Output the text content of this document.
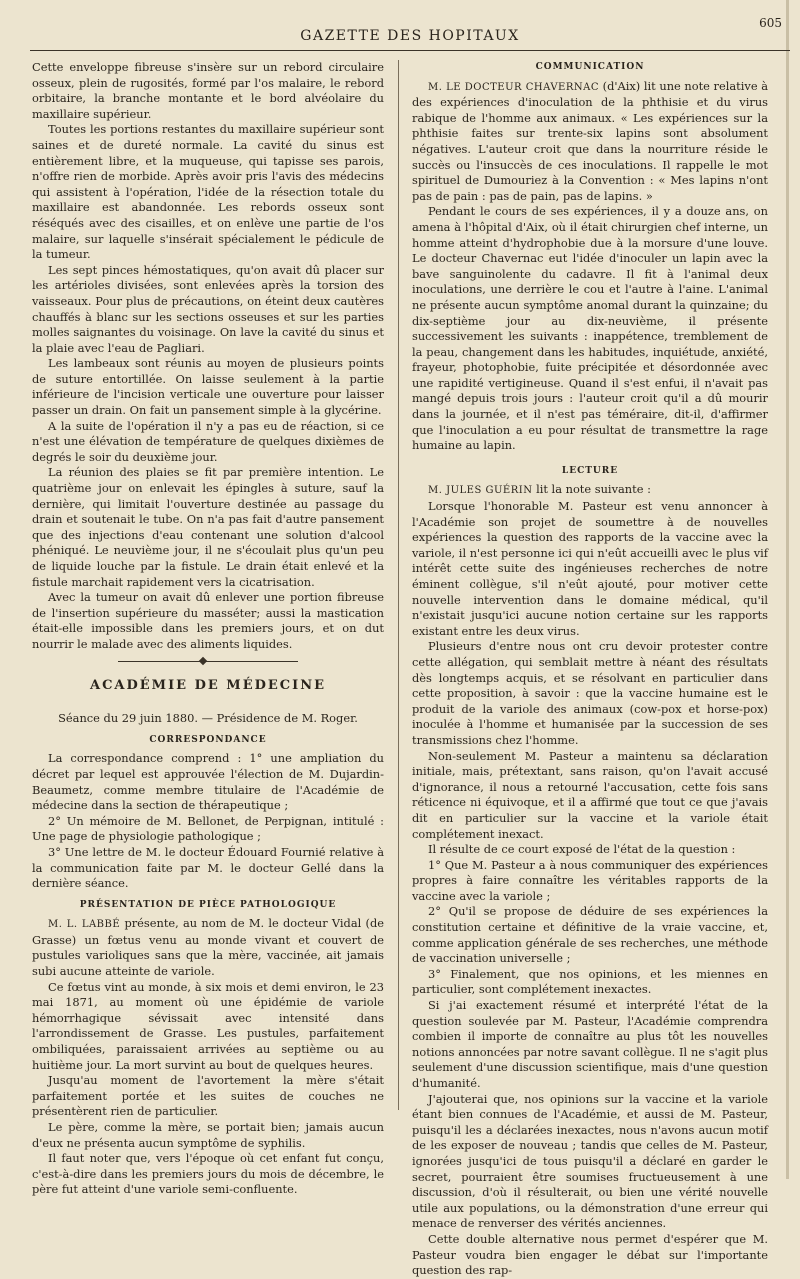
GAZETTE DES HOPITAUX
605

Cette enveloppe fibreuse s'insère sur un rebord circulaire osseux, plein de rugosités, formé par l'os malaire, le rebord orbitaire, la branche montante et le bord alvéolaire du maxillaire supérieur.

Toutes les portions restantes du maxillaire supérieur sont saines et de dureté normale. La cavité du sinus est entièrement libre, et la muqueuse, qui tapisse ses parois, n'offre rien de morbide. Après avoir pris l'avis des médecins qui assistent à l'opération, l'idée de la résection totale du maxillaire est abandonnée. Les rebords osseux sont réséqués avec des cisailles, et on enlève une partie de l'os malaire, sur laquelle s'insérait spécialement le pédicule de la tumeur.

Les sept pinces hémostatiques, qu'on avait dû placer sur les artérioles divisées, sont enlevées après la torsion des vaisseaux. Pour plus de précautions, on éteint deux cautères chauffés à blanc sur les sections osseuses et sur les parties molles saignantes du voisinage. On lave la cavité du sinus et la plaie avec l'eau de Pagliari.

Les lambeaux sont réunis au moyen de plusieurs points de suture entortillée. On laisse seulement à la partie inférieure de l'incision verticale une ouverture pour laisser passer un drain. On fait un pansement simple à la glycérine.

A la suite de l'opération il n'y a pas eu de réaction, si ce n'est une élévation de température de quelques dixièmes de degrés le soir du deuxième jour.

La réunion des plaies se fit par première intention. Le quatrième jour on enlevait les épingles à suture, sauf la dernière, qui limitait l'ouverture destinée au passage du drain et soutenait le tube. On n'a pas fait d'autre pansement que des injections d'eau contenant une solution d'alcool phéniqué. Le neuvième jour, il ne s'écoulait plus qu'un peu de liquide louche par la fistule. Le drain était enlevé et la fistule marchait rapidement vers la cicatrisation.

Avec la tumeur on avait dû enlever une portion fibreuse de l'insertion supérieure du masséter; aussi la mastication était-elle impossible dans les premiers jours, et on dut nourrir le malade avec des aliments liquides.

ACADÉMIE DE MÉDECINE

Séance du 29 juin 1880. — Présidence de M. Roger.

CORRESPONDANCE

La correspondance comprend : 1° une ampliation du décret par lequel est approuvée l'élection de M. Dujardin-Beaumetz, comme membre titulaire de l'Académie de médecine dans la section de thérapeutique ;

2° Un mémoire de M. Bellonet, de Perpignan, intitulé : Une page de physiologie pathologique ;

3° Une lettre de M. le docteur Édouard Fournié relative à la communication faite par M. le docteur Gellé dans la dernière séance.

PRÉSENTATION DE PIÈCE PATHOLOGIQUE

M. L. LABBÉ présente, au nom de M. le docteur Vidal (de Grasse) un fœtus venu au monde vivant et couvert de pustules varioliques sans que la mère, vaccinée, ait jamais subi aucune atteinte de variole.

Ce fœtus vint au monde, à six mois et demi environ, le 23 mai 1871, au moment où une épidémie de variole hémorrhagique sévissait avec intensité dans l'arrondissement de Grasse. Les pustules, parfaitement ombiliquées, paraissaient arrivées au septième ou au huitième jour. La mort survint au bout de quelques heures.

Jusqu'au moment de l'avortement la mère s'était parfaitement portée et les suites de couches ne présentèrent rien de particulier.

Le père, comme la mère, se portait bien; jamais aucun d'eux ne présenta aucun symptôme de syphilis.

Il faut noter que, vers l'époque où cet enfant fut conçu, c'est-à-dire dans les premiers jours du mois de décembre, le père fut atteint d'une variole semi-confluente.

COMMUNICATION

M. LE DOCTEUR CHAVERNAC (d'Aix) lit une note relative à des expériences d'inoculation de la phthisie et du virus rabique de l'homme aux animaux. « Les expériences sur la phthisie faites sur trente-six lapins sont absolument négatives. L'auteur croit que dans la nourriture réside le succès ou l'insuccès de ces inoculations. Il rappelle le mot spirituel de Dumouriez à la Convention : « Mes lapins n'ont pas de pain : pas de pain, pas de lapins. »

Pendant le cours de ses expériences, il y a douze ans, on amena à l'hôpital d'Aix, où il était chirurgien chef interne, un homme atteint d'hydrophobie due à la morsure d'une louve. Le docteur Chavernac eut l'idée d'inoculer un lapin avec la bave sanguinolente du cadavre. Il fit à l'animal deux inoculations, une derrière le cou et l'autre à l'aine. L'animal ne présente aucun symptôme anomal durant la quinzaine; du dix-septième jour au dix-neuvième, il présente successivement les suivants : inappétence, tremblement de la peau, changement dans les habitudes, inquiétude, anxiété, frayeur, photophobie, fuite précipitée et désordonnée avec une rapidité vertigineuse. Quand il s'est enfui, il n'avait pas mangé depuis trois jours : l'auteur croit qu'il a dû mourir dans la journée, et il n'est pas téméraire, dit-il, d'affirmer que l'inoculation a eu pour résultat de transmettre la rage humaine au lapin.

LECTURE

M. JULES GUÉRIN lit la note suivante :

Lorsque l'honorable M. Pasteur est venu annoncer à l'Académie son projet de soumettre à de nouvelles expériences la question des rapports de la vaccine avec la variole, il n'est personne ici qui n'eût accueilli avec le plus vif intérêt cette suite des ingénieuses recherches de notre éminent collègue, s'il n'eût ajouté, pour motiver cette nouvelle intervention dans le domaine médical, qu'il n'existait jusqu'ici aucune notion certaine sur les rapports existant entre les deux virus.

Plusieurs d'entre nous ont cru devoir protester contre cette allégation, qui semblait mettre à néant des résultats dès longtemps acquis, et se résolvant en particulier dans cette proposition, à savoir : que la vaccine humaine est le produit de la variole des animaux (cow-pox et horse-pox) inoculée à l'homme et humanisée par la succession de ses transmissions chez l'homme.

Non-seulement M. Pasteur a maintenu sa déclaration initiale, mais, prétextant, sans raison, qu'on l'avait accusé d'ignorance, il nous a retourné l'accusation, cette fois sans réticence ni équivoque, et il a affirmé que tout ce que j'avais dit en particulier sur la vaccine et la variole était complétement inexact.

Il résulte de ce court exposé de l'état de la question :

1° Que M. Pasteur a à nous communiquer des expériences propres à faire connaître les véritables rapports de la vaccine avec la variole ;

2° Qu'il se propose de déduire de ses expériences la constitution certaine et définitive de la vraie vaccine, et, comme application générale de ses recherches, une méthode de vaccination universelle ;

3° Finalement, que nos opinions, et les miennes en particulier, sont complétement inexactes.

Si j'ai exactement résumé et interprété l'état de la question soulevée par M. Pasteur, l'Académie comprendra combien il importe de connaître au plus tôt les nouvelles notions annoncées par notre savant collègue. Il ne s'agit plus seulement d'une discussion scientifique, mais d'une question d'humanité.

J'ajouterai que, nos opinions sur la vaccine et la variole étant bien connues de l'Académie, et aussi de M. Pasteur, puisqu'il les a déclarées inexactes, nous n'avons aucun motif de les exposer de nouveau ; tandis que celles de M. Pasteur, ignorées jusqu'ici de tous puisqu'il a déclaré en garder le secret, pourraient être soumises fructueusement à une discussion, d'où il résulterait, ou bien une vérité nouvelle utile aux populations, ou la démonstration d'une erreur qui menace de renverser des vérités anciennes.

Cette double alternative nous permet d'espérer que M. Pasteur voudra bien engager le débat sur l'importante question des rap-
